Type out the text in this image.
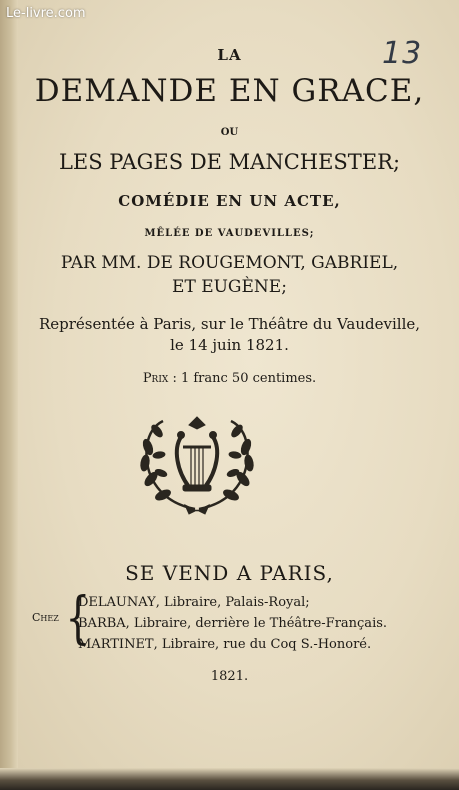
Le-livre.com
13
LA
DEMANDE EN GRACE,
OU
LES PAGES DE MANCHESTER;
COMÉDIE EN UN ACTE,
MÊLÉE DE VAUDEVILLES;
PAR MM. DE ROUGEMONT, GABRIEL,
ET EUGÈNE;
Représentée à Paris, sur le Théâtre du Vaudeville,
le 14 juin 1821.
Prix : 1 franc 50 centimes.
SE VEND A PARIS,
Chez {
DELAUNAY, Libraire, Palais-Royal;
BARBA, Libraire, derrière le Théâtre-Français.
MARTINET, Libraire, rue du Coq S.-Honoré.
1821.
